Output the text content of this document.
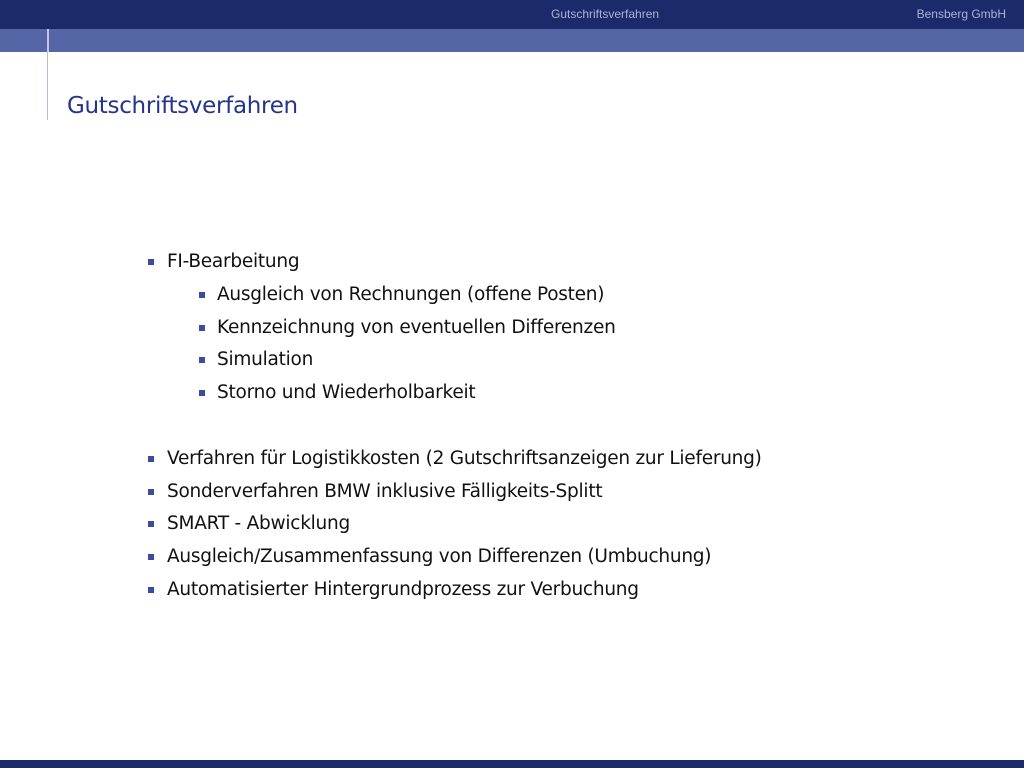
Gutschriftsverfahren	Bensberg GmbH
Gutschriftsverfahren
FI-Bearbeitung
Ausgleich von Rechnungen (offene Posten)
Kennzeichnung von eventuellen Differenzen
Simulation
Storno und Wiederholbarkeit
Verfahren für Logistikkosten (2 Gutschriftsanzeigen zur Lieferung)
Sonderverfahren BMW inklusive Fälligkeits-Splitt
SMART - Abwicklung
Ausgleich/Zusammenfassung von Differenzen (Umbuchung)
Automatisierter Hintergrundprozess zur Verbuchung
